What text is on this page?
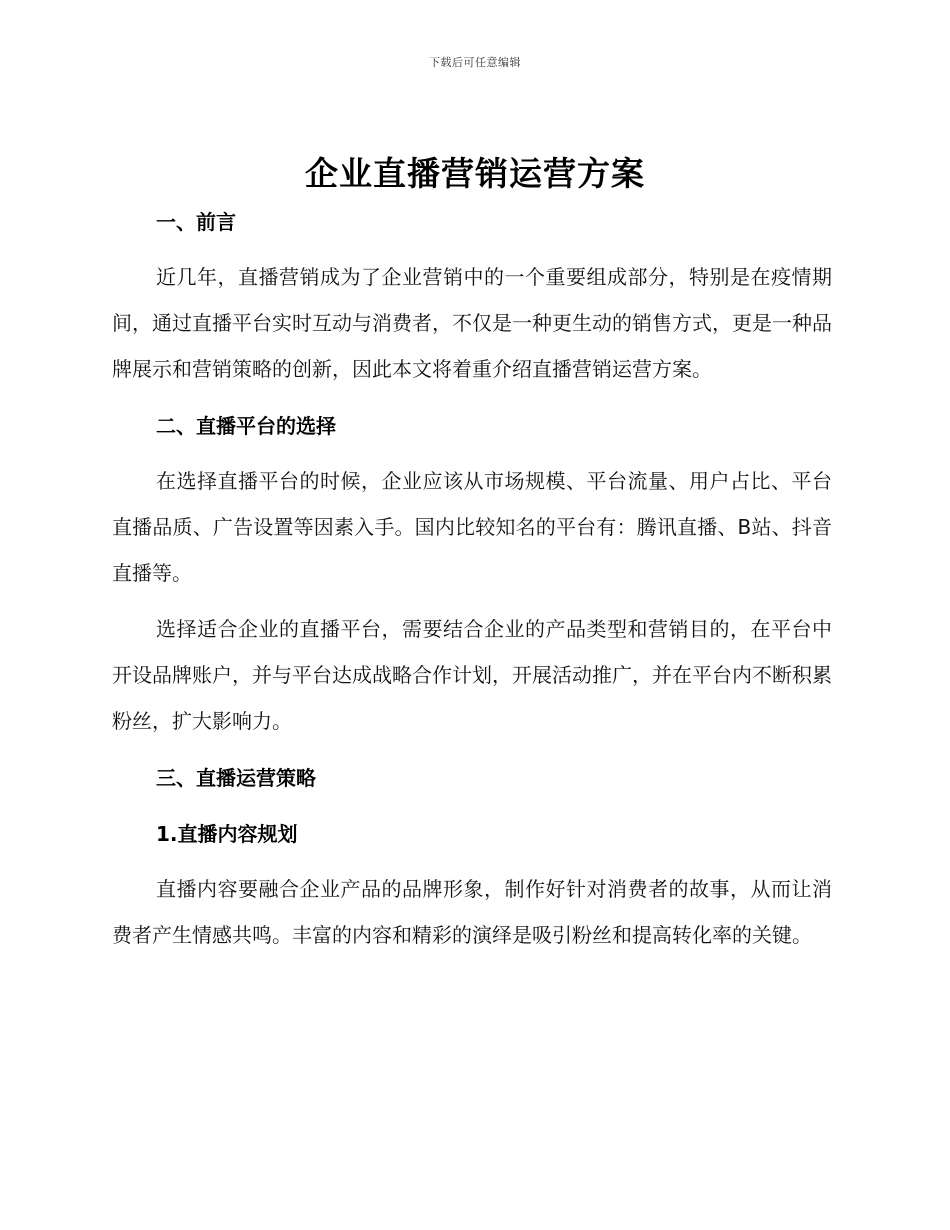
下载后可任意编辑
企业直播营销运营方案
一、前言

近几年，直播营销成为了企业营销中的一个重要组成部分，特别是在疫情期间，通过直播平台实时互动与消费者，不仅是一种更生动的销售方式，更是一种品牌展示和营销策略的创新，因此本文将着重介绍直播营销运营方案。

二、直播平台的选择

在选择直播平台的时候，企业应该从市场规模、平台流量、用户占比、平台直播品质、广告设置等因素入手。国内比较知名的平台有：腾讯直播、B站、抖音直播等。

选择适合企业的直播平台，需要结合企业的产品类型和营销目的，在平台中开设品牌账户，并与平台达成战略合作计划，开展活动推广，并在平台内不断积累粉丝，扩大影响力。

三、直播运营策略
1.直播内容规划

直播内容要融合企业产品的品牌形象，制作好针对消费者的故事，从而让消费者产生情感共鸣。丰富的内容和精彩的演绎是吸引粉丝和提高转化率的关键。
